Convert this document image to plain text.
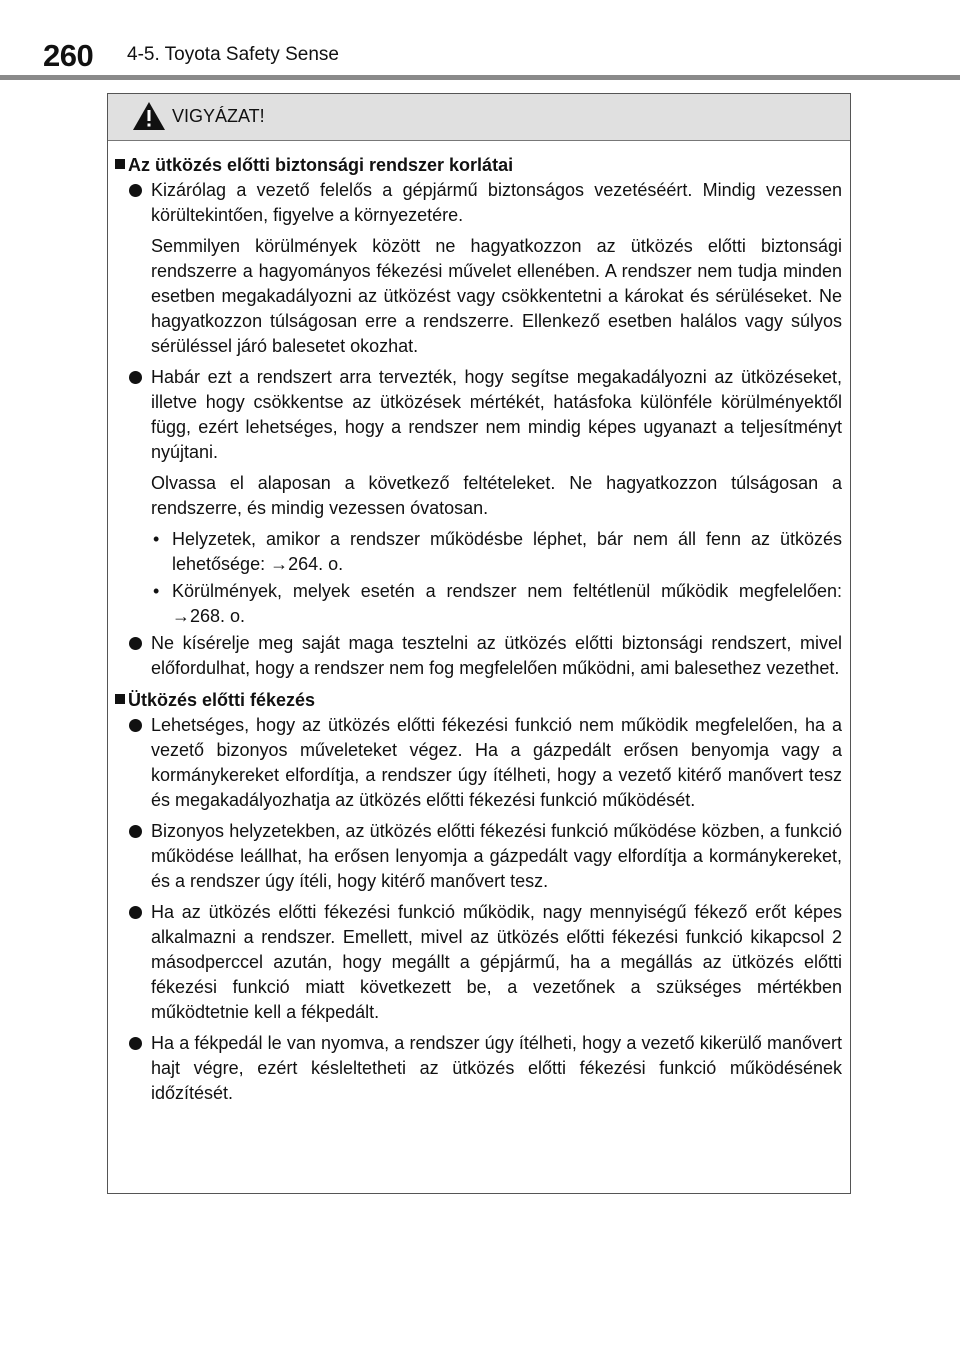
260 4-5. Toyota Safety Sense
VIGYÁZAT!
Az ütközés előtti biztonsági rendszer korlátai
Kizárólag a vezető felelős a gépjármű biztonságos vezetéséért. Mindig vezessen körültekintően, figyelve a környezetére.
Semmilyen körülmények között ne hagyatkozzon az ütközés előtti biztonsági rendszerre a hagyományos fékezési művelet ellenében. A rendszer nem tudja minden esetben megakadályozni az ütközést vagy csökkentetni a károkat és sérüléseket. Ne hagyatkozzon túlságosan erre a rendszerre. Ellenkező esetben halálos vagy súlyos sérüléssel járó balesetet okozhat.
Habár ezt a rendszert arra tervezték, hogy segítse megakadályozni az ütközéseket, illetve hogy csökkentse az ütközések mértékét, hatásfoka különféle körülményektől függ, ezért lehetséges, hogy a rendszer nem mindig képes ugyanazt a teljesítményt nyújtani.
Olvassa el alaposan a következő feltételeket. Ne hagyatkozzon túlságosan a rendszerre, és mindig vezessen óvatosan.
• Helyzetek, amikor a rendszer működésbe léphet, bár nem áll fenn az ütközés lehetősége: →264. o.
• Körülmények, melyek esetén a rendszer nem feltétlenül működik megfelelően: →268. o.
Ne kísérelje meg saját maga tesztelni az ütközés előtti biztonsági rendszert, mivel előfordulhat, hogy a rendszer nem fog megfelelően működni, ami balesethez vezethet.
Ütközés előtti fékezés
Lehetséges, hogy az ütközés előtti fékezési funkció nem működik megfelelően, ha a vezető bizonyos műveleteket végez. Ha a gázpedált erősen benyomja vagy a kormánykereket elfordítja, a rendszer úgy ítélheti, hogy a vezető kitérő manővert tesz és megakadályozhatja az ütközés előtti fékezési funkció működését.
Bizonyos helyzetekben, az ütközés előtti fékezési funkció működése közben, a funkció működése leállhat, ha erősen lenyomja a gázpedált vagy elfordítja a kormánykereket, és a rendszer úgy ítéli, hogy kitérő manővert tesz.
Ha az ütközés előtti fékezési funkció működik, nagy mennyiségű fékező erőt képes alkalmazni a rendszer. Emellett, mivel az ütközés előtti fékezési funkció kikapcsol 2 másodperccel azután, hogy megállt a gépjármű, ha a megállás az ütközés előtti fékezési funkció miatt következett be, a vezetőnek a szükséges mértékben működtetnie kell a fékpedált.
Ha a fékpedál le van nyomva, a rendszer úgy ítélheti, hogy a vezető kikerülő manővert hajt végre, ezért késleltetheti az ütközés előtti fékezési funkció működésének időzítését.
